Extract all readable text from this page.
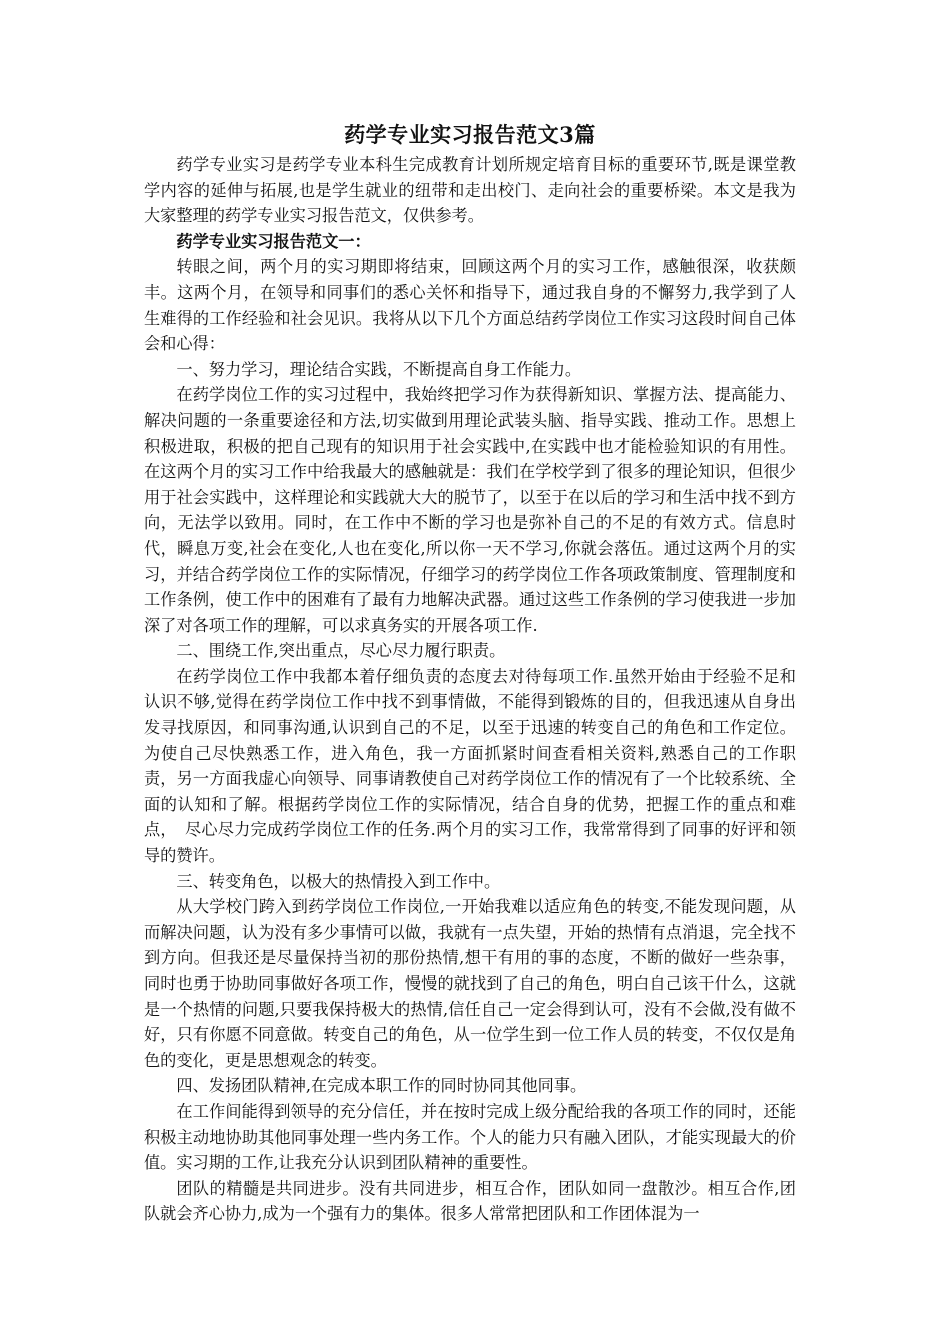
药学专业实习报告范文3篇

药学专业实习是药学专业本科生完成教育计划所规定培育目标的重要环节,既是课堂教学内容的延伸与拓展,也是学生就业的纽带和走出校门、走向社会的重要桥梁。本文是我为大家整理的药学专业实习报告范文，仅供参考。

药学专业实习报告范文一：

转眼之间，两个月的实习期即将结束，回顾这两个月的实习工作，感触很深，收获颇丰。这两个月，在领导和同事们的悉心关怀和指导下，通过我自身的不懈努力,我学到了人生难得的工作经验和社会见识。我将从以下几个方面总结药学岗位工作实习这段时间自己体会和心得：

一、努力学习，理论结合实践，不断提高自身工作能力。

在药学岗位工作的实习过程中，我始终把学习作为获得新知识、掌握方法、提高能力、解决问题的一条重要途径和方法,切实做到用理论武装头脑、指导实践、推动工作。思想上积极进取，积极的把自己现有的知识用于社会实践中,在实践中也才能检验知识的有用性。在这两个月的实习工作中给我最大的感触就是：我们在学校学到了很多的理论知识，但很少用于社会实践中，这样理论和实践就大大的脱节了，以至于在以后的学习和生活中找不到方向，无法学以致用。同时，在工作中不断的学习也是弥补自己的不足的有效方式。信息时代，瞬息万变,社会在变化,人也在变化,所以你一天不学习,你就会落伍。通过这两个月的实习，并结合药学岗位工作的实际情况，仔细学习的药学岗位工作各项政策制度、管理制度和工作条例，使工作中的困难有了最有力地解决武器。通过这些工作条例的学习使我进一步加深了对各项工作的理解，可以求真务实的开展各项工作.

二、围绕工作,突出重点，尽心尽力履行职责。

在药学岗位工作中我都本着仔细负责的态度去对待每项工作.虽然开始由于经验不足和认识不够,觉得在药学岗位工作中找不到事情做，不能得到锻炼的目的，但我迅速从自身出发寻找原因，和同事沟通,认识到自己的不足，以至于迅速的转变自己的角色和工作定位。为使自己尽快熟悉工作，进入角色，我一方面抓紧时间查看相关资料,熟悉自己的工作职责，另一方面我虚心向领导、同事请教使自己对药学岗位工作的情况有了一个比较系统、全面的认知和了解。根据药学岗位工作的实际情况，结合自身的优势，把握工作的重点和难点，　尽心尽力完成药学岗位工作的任务.两个月的实习工作，我常常得到了同事的好评和领导的赞许。

三、转变角色，以极大的热情投入到工作中。

从大学校门跨入到药学岗位工作岗位,一开始我难以适应角色的转变,不能发现问题，从而解决问题，认为没有多少事情可以做，我就有一点失望，开始的热情有点消退，完全找不到方向。但我还是尽量保持当初的那份热情,想干有用的事的态度，不断的做好一些杂事，同时也勇于协助同事做好各项工作，慢慢的就找到了自己的角色，明白自己该干什么，这就是一个热情的问题,只要我保持极大的热情,信任自己一定会得到认可，没有不会做,没有做不好，只有你愿不同意做。转变自己的角色，从一位学生到一位工作人员的转变，不仅仅是角色的变化，更是思想观念的转变。

四、发扬团队精神,在完成本职工作的同时协同其他同事。

在工作间能得到领导的充分信任，并在按时完成上级分配给我的各项工作的同时，还能积极主动地协助其他同事处理一些内务工作。个人的能力只有融入团队，才能实现最大的价值。实习期的工作,让我充分认识到团队精神的重要性。

团队的精髓是共同进步。没有共同进步，相互合作，团队如同一盘散沙。相互合作,团队就会齐心协力,成为一个强有力的集体。很多人常常把团队和工作团体混为一
